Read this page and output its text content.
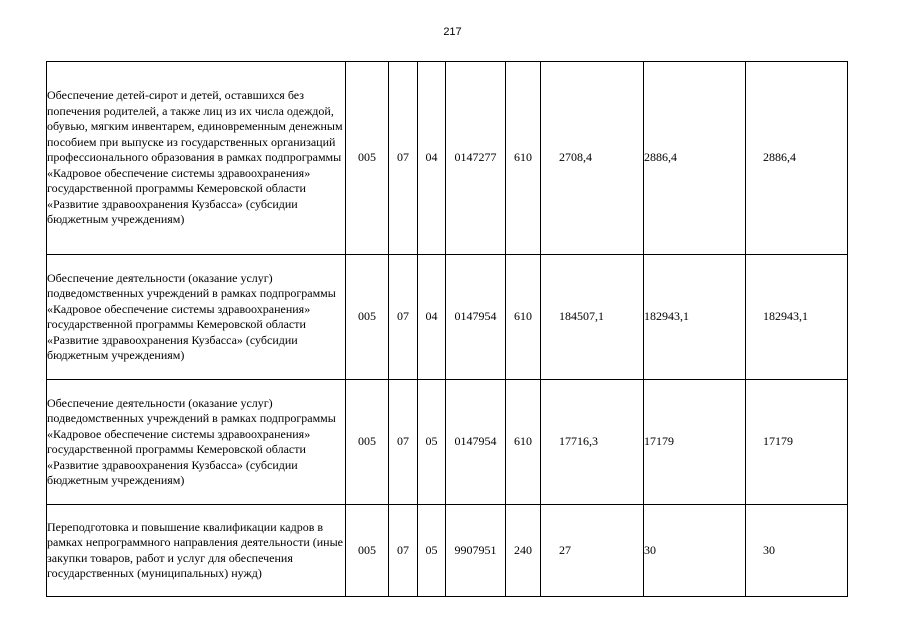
217
Обеспечение детей-сирот и детей, оставшихся без попечения родителей, а также лиц из их числа одеждой, обувью, мягким инвентарем, единовременным денежным пособием при выпуске из государственных организаций профессионального образования в рамках подпрограммы «Кадровое обеспечение системы здравоохранения» государственной программы Кемеровской области «Развитие здравоохранения Кузбасса» (субсидии бюджетным учреждениям)	005	07	04	0147277	610	2708,4	2886,4	2886,4
Обеспечение деятельности (оказание услуг) подведомственных учреждений в рамках подпрограммы «Кадровое обеспечение системы здравоохранения» государственной программы Кемеровской области «Развитие здравоохранения Кузбасса» (субсидии бюджетным учреждениям)	005	07	04	0147954	610	184507,1	182943,1	182943,1
Обеспечение деятельности (оказание услуг) подведомственных учреждений в рамках подпрограммы «Кадровое обеспечение системы здравоохранения» государственной программы Кемеровской области «Развитие здравоохранения Кузбасса» (субсидии бюджетным учреждениям)	005	07	05	0147954	610	17716,3	17179	17179
Переподготовка и повышение квалификации кадров в рамках непрограммного направления деятельности (иные закупки товаров, работ и услуг для обеспечения государственных (муниципальных) нужд)	005	07	05	9907951	240	27	30	30
